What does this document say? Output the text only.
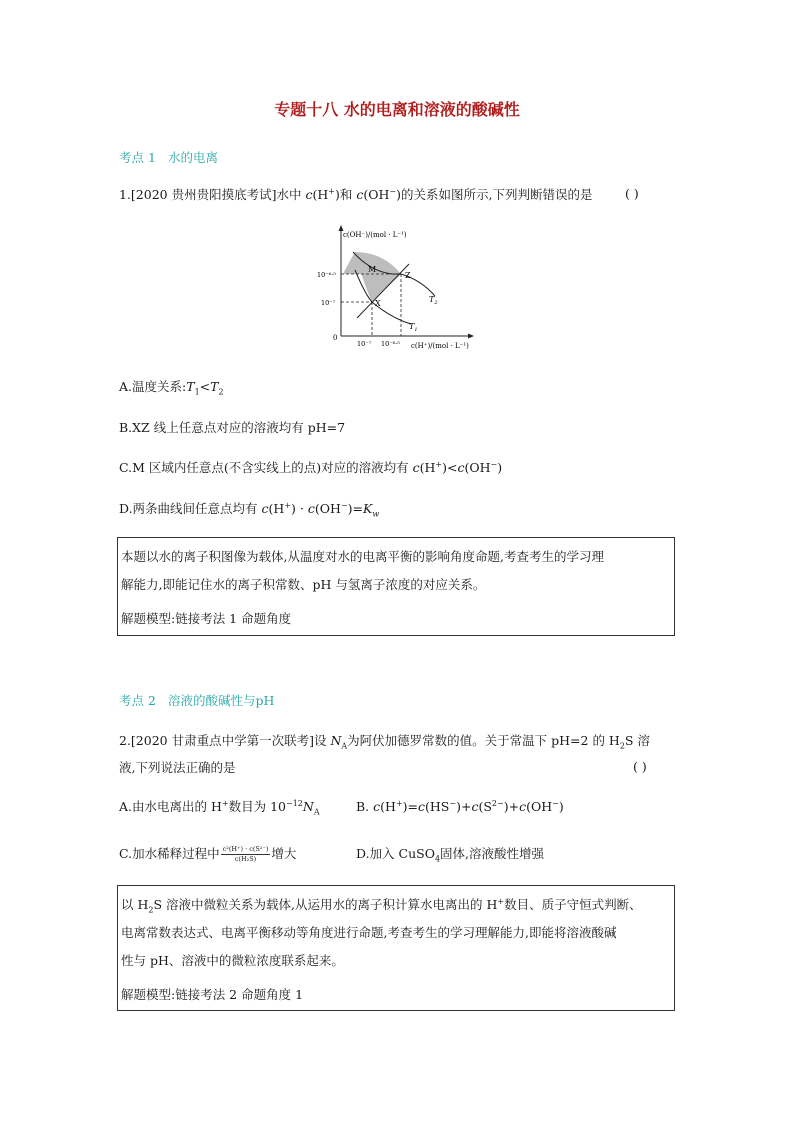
专题十八 水的电离和溶液的酸碱性
考点 1 水的电离
1.[2020 贵州贵阳摸底考试]水中 c(H+)和 c(OH−)的关系如图所示,下列判断错误的是	( )
c(OH⁻)/(mol · L⁻¹)
c(H⁺)/(mol · L⁻¹)
10⁻⁶·⁵
10⁻⁷
0
10⁻⁷ 10⁻⁶·⁵
M
X
Z
$T_2$
$T_1$
A.温度关系$:T_1<T_2$
B.XZ 线上任意点对应的溶液均有 pH=7
C.M 区域内任意点(不含实线上的点)对应的溶液均有 c(H+)<c(OH−)
D.两条曲线间任意点均有 $c(H^+) \cdot c(OH^-)=K_w$

本题以水的离子积图像为载体,从温度对水的电离平衡的影响角度命题,考查考生的学习理

解能力,即能记住水的离子积常数、pH 与氢离子浓度的对应关系。

解题模型:链接考法 1 命题角度

考点 2 溶液的酸碱性与pH
2.[2020 甘肃重点中学第一次联考]设 $N_A$为阿伏加德罗常数的值。关于常温下 pH=2 的 $H_2S$ 溶
液,下列说法正确的是	( )
A.由水电离出的 H+数目为 $10^{-12}N_A$	B. $c(H^+)=c(HS^-)+c(S^{2-})+c(OH^-)$
C.加水稀释过程中 $\frac{\text{c²(H⁺) · c(S²⁻)}}{\text{c(H₂S)}}$ 增大	D.加入 CuSO$_4$固体,溶液酸性增强

以 $H_2S$ 溶液中微粒关系为载体,从运用水的离子积计算水电离出的 H+数目、质子守恒式判断、

电离常数表达式、电离平衡移动等角度进行命题,考查考生的学习理解能力,即能将溶液酸碱

性与 pH、溶液中的微粒浓度联系起来。

解题模型:链接考法 2 命题角度 1
